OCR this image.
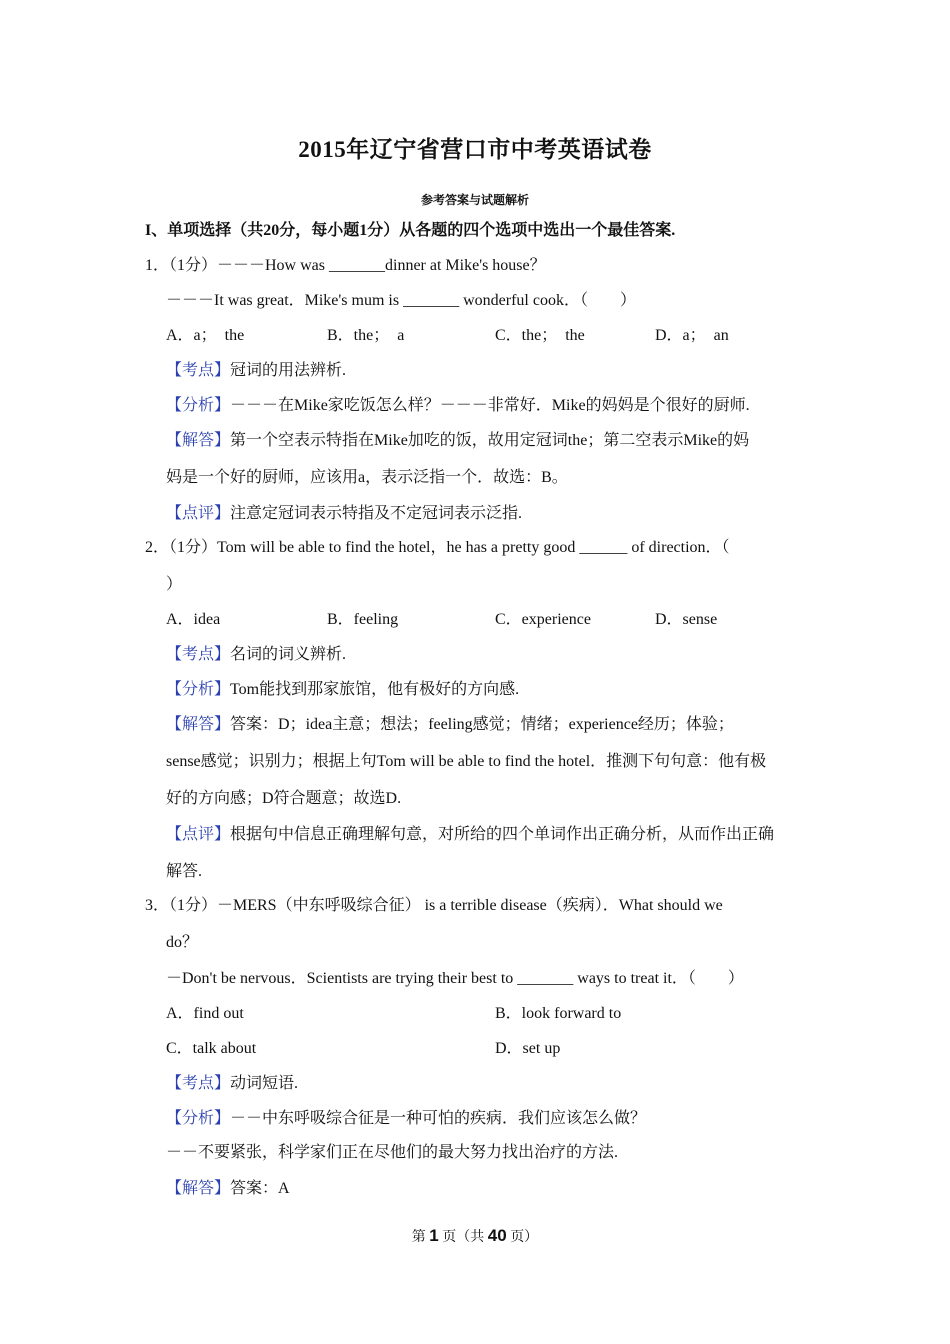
2015年辽宁省营口市中考英语试卷
参考答案与试题解析
I、单项选择（共20分，每小题1分）从各题的四个选项中选出一个最佳答案.
1．（1分）－－－How was _______dinner at Mike's house？
－－－It was great．Mike's mum is _______ wonderful cook．（　　）
A．a；　the	B．the；　a	C．the；　the	D．a；　an
【考点】冠词的用法辨析.
【分析】－－－在Mike家吃饭怎么样？－－－非常好．Mike的妈妈是个很好的厨师.
【解答】第一个空表示特指在Mike加吃的饭，故用定冠词the；第二空表示Mike的妈
妈是一个好的厨师，应该用a，表示泛指一个．故选：B。
【点评】注意定冠词表示特指及不定冠词表示泛指.
2．（1分）Tom will be able to find the hotel，he has a pretty good ______ of direction．（
）
A．idea	B．feeling	C．experience	D．sense
【考点】名词的词义辨析.
【分析】Tom能找到那家旅馆，他有极好的方向感.
【解答】答案：D；idea主意；想法；feeling感觉；情绪；experience经历；体验；
sense感觉；识别力；根据上句Tom will be able to find the hotel．推测下句句意：他有极
好的方向感；D符合题意；故选D.
【点评】根据句中信息正确理解句意，对所给的四个单词作出正确分析，从而作出正确
解答.
3．（1分）－MERS（中东呼吸综合征） is a terrible disease（疾病）．What should we
do？
－Don't be nervous．Scientists are trying their best to _______ ways to treat it．（　　）
A．find out	B．look forward to
C．talk about	D．set up
【考点】动词短语.
【分析】－－中东呼吸综合征是一种可怕的疾病．我们应该怎么做？
－－不要紧张，科学家们正在尽他们的最大努力找出治疗的方法.
【解答】答案：A
第 1 页（共 40 页）
